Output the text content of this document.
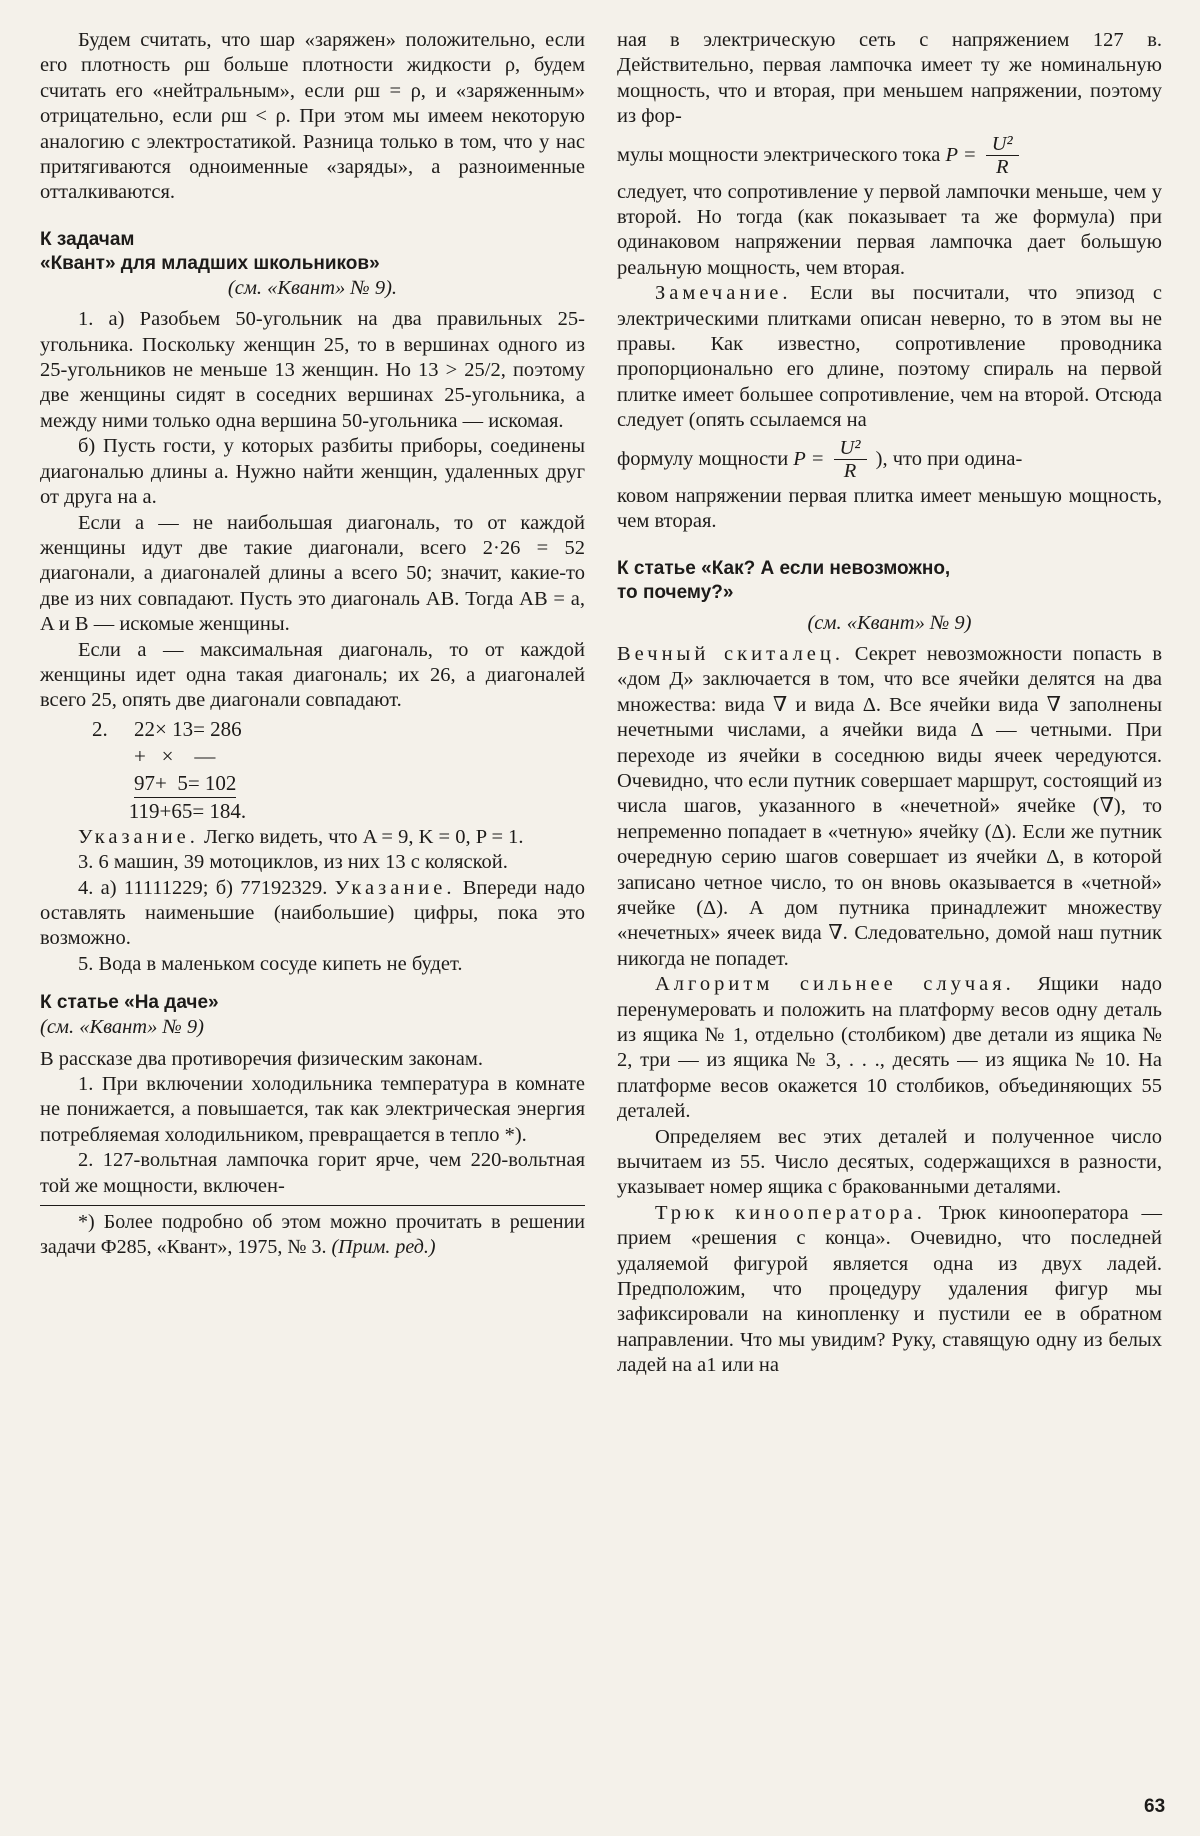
Будем считать, что шар «заряжен» положительно, если его плотность ρш больше плотности жидкости ρ, будем считать его «нейтральным», если ρш = ρ, и «заряженным» отрицательно, если ρш < ρ. При этом мы имеем некоторую аналогию с электростатикой. Разница только в том, что у нас притягиваются одноименные «заряды», а разноименные отталкиваются.

К задачам
«Квант» для младших школьников»

(см. «Квант» № 9).

1. а) Разобьем 50-угольник на два правильных 25-угольника. Поскольку женщин 25, то в вершинах одного из 25-угольников не меньше 13 женщин. Но 13 > 25/2, поэтому две женщины сидят в соседних вершинах 25-угольника, а между ними только одна вершина 50-угольника — искомая.

б) Пусть гости, у которых разбиты приборы, соединены диагональю длины a. Нужно найти женщин, удаленных друг от друга на a.

Если a — не наибольшая диагональ, то от каждой женщины идут две такие диагонали, всего 2·26 = 52 диагонали, а диагоналей длины a всего 50; значит, какие-то две из них совпадают. Пусть это диагональ AB. Тогда AB = a, A и B — искомые женщины.

Если a — максимальная диагональ, то от каждой женщины идет одна такая диагональ; их 26, а диагоналей всего 25, опять две диагонали совпадают.

2. 22× 13= 286
+   ×    —
97+  5= 102
119+65= 184.

Указание. Легко видеть, что A = 9, K = 0, P = 1.

3. 6 машин, 39 мотоциклов, из них 13 с коляской.

4. а) 11111229; б) 77192329. Указание. Впереди надо оставлять наименьшие (наибольшие) цифры, пока это возможно.

5. Вода в маленьком сосуде кипеть не будет.

К статье «На даче»

(см. «Квант» № 9)

В рассказе два противоречия физическим законам.

1. При включении холодильника температура в комнате не понижается, а повышается, так как электрическая энергия потребляемая холодильником, превращается в тепло *).

2. 127-вольтная лампочка горит ярче, чем 220-вольтная той же мощности, включен-

*) Более подробно об этом можно прочитать в решении задачи Ф285, «Квант», 1975, № 3. (Прим. ред.)

ная в электрическую сеть с напряжением 127 в. Действительно, первая лампочка имеет ту же номинальную мощность, что и вторая, при меньшем напряжении, поэтому из фор-

мулы мощности электрического тока $P = \frac{\text{U²}}{R}$

следует, что сопротивление у первой лампочки меньше, чем у второй. Но тогда (как показывает та же формула) при одинаковом напряжении первая лампочка дает большую реальную мощность, чем вторая.

Замечание. Если вы посчитали, что эпизод с электрическими плитками описан неверно, то в этом вы не правы. Как известно, сопротивление проводника пропорционально его длине, поэтому спираль на первой плитке имеет большее сопротивление, чем на второй. Отсюда следует (опять ссылаемся на

формулу мощности $P = \frac{\text{U²}}{R}$ ), что при одина-

ковом напряжении первая плитка имеет меньшую мощность, чем вторая.

К статье «Как? А если невозможно,
то почему?»

(см. «Квант» № 9)

Вечный скиталец. Секрет невозможности попасть в «дом Д» заключается в том, что все ячейки делятся на два множества: вида ∇ и вида Δ. Все ячейки вида ∇ заполнены нечетными числами, а ячейки вида Δ — четными. При переходе из ячейки в соседнюю виды ячеек чередуются. Очевидно, что если путник совершает маршрут, состоящий из числа шагов, указанного в «нечетной» ячейке (∇), то непременно попадает в «четную» ячейку (Δ). Если же путник очередную серию шагов совершает из ячейки Δ, в которой записано четное число, то он вновь оказывается в «четной» ячейке (Δ). А дом путника принадлежит множеству «нечетных» ячеек вида ∇. Следовательно, домой наш путник никогда не попадет.

Алгоритм сильнее случая. Ящики надо перенумеровать и положить на платформу весов одну деталь из ящика № 1, отдельно (столбиком) две детали из ящика № 2, три — из ящика № 3, . . ., десять — из ящика № 10. На платформе весов окажется 10 столбиков, объединяющих 55 деталей.

Определяем вес этих деталей и полученное число вычитаем из 55. Число десятых, содержащихся в разности, указывает номер ящика с бракованными деталями.

Трюк кинооператора. Трюк кинооператора — прием «решения с конца». Очевидно, что последней удаляемой фигурой является одна из двух ладей. Предположим, что процедуру удаления фигур мы зафиксировали на кинопленку и пустили ее в обратном направлении. Что мы увидим? Руку, ставящую одну из белых ладей на a1 или на

63
